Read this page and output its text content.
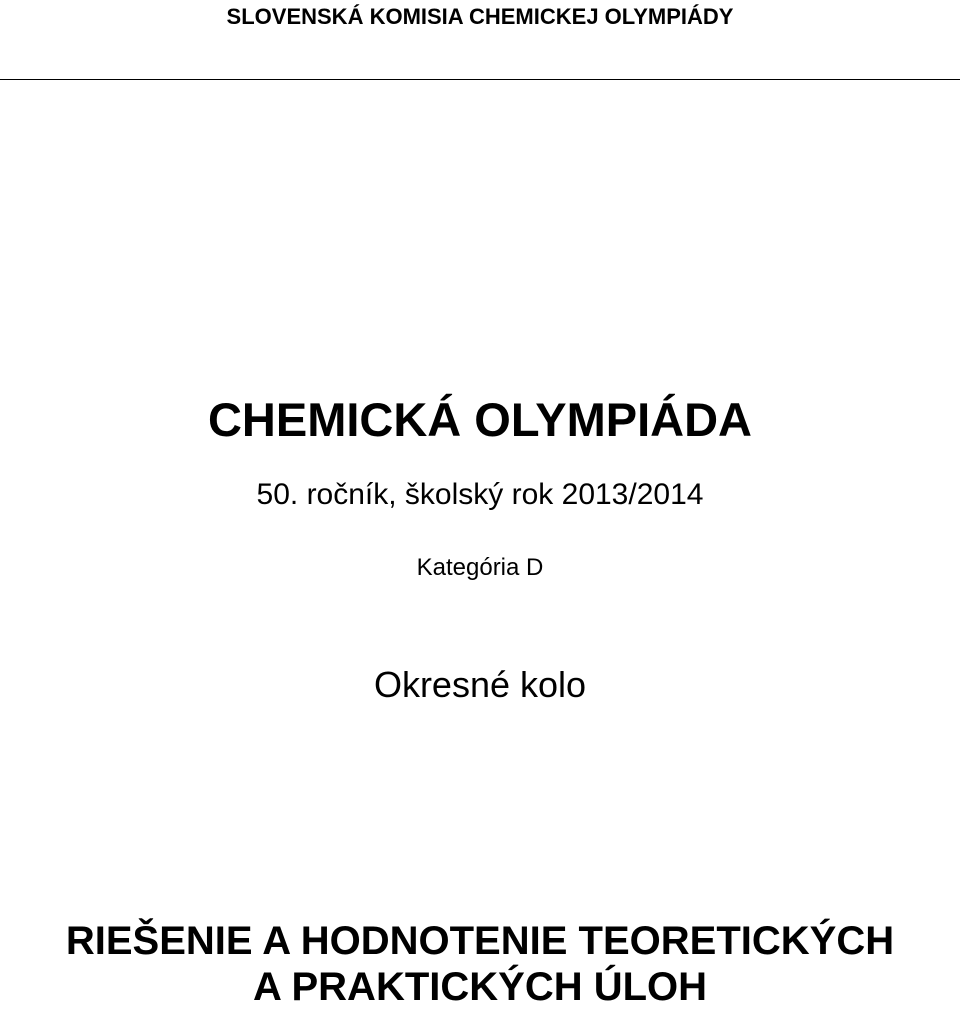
SLOVENSKÁ KOMISIA CHEMICKEJ OLYMPIÁDY
CHEMICKÁ OLYMPIÁDA
50. ročník, školský rok 2013/2014
Kategória D
Okresné kolo
RIEŠENIE A HODNOTENIE TEORETICKÝCH
A PRAKTICKÝCH ÚLOH
